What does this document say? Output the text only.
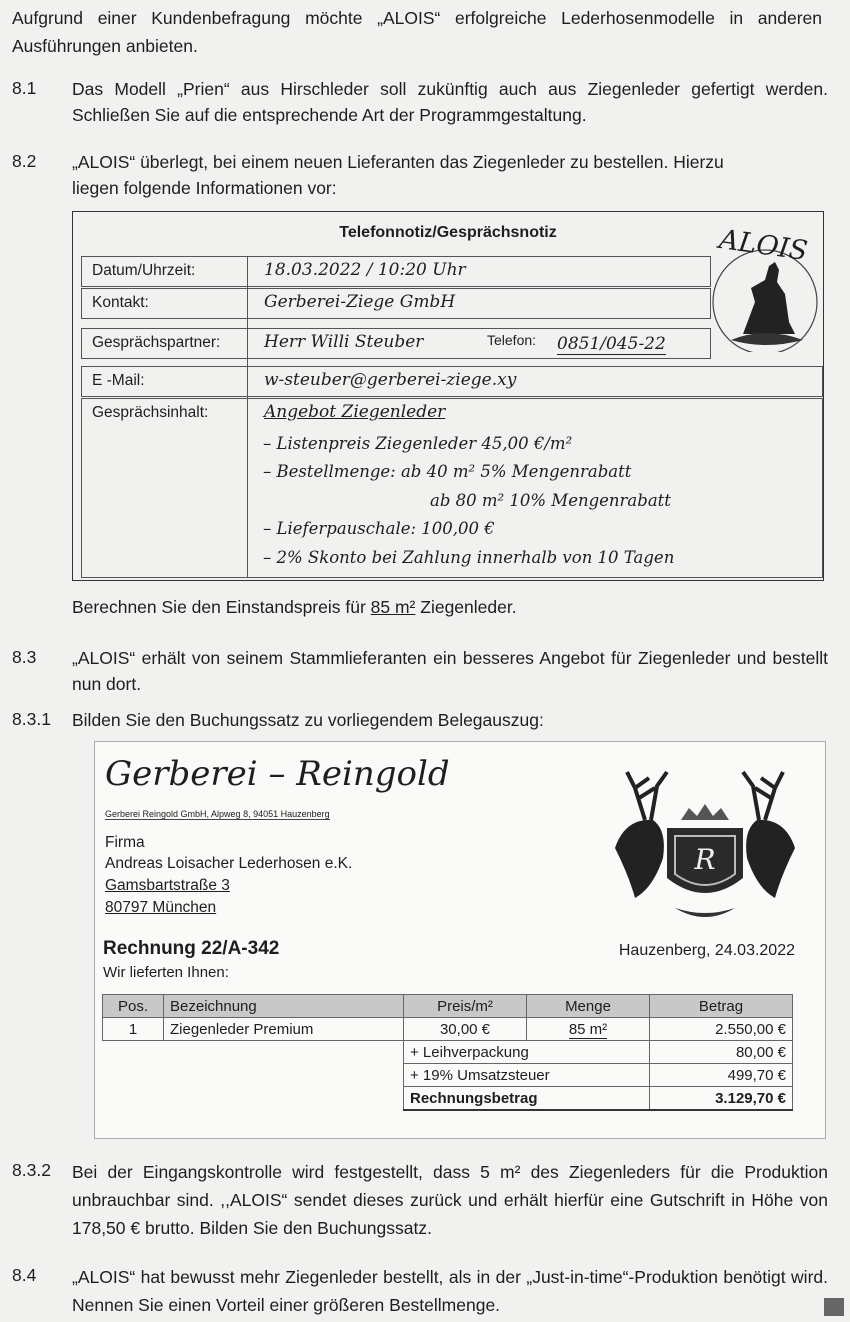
Aufgrund einer Kundenbefragung möchte „ALOIS“ erfolgreiche Lederhosenmodelle in anderen Ausführungen anbieten.
8.1 Das Modell „Prien“ aus Hirschleder soll zukünftig auch aus Ziegenleder gefertigt werden. Schließen Sie auf die entsprechende Art der Programmgestaltung.
8.2 „ALOIS“ überlegt, bei einem neuen Lieferanten das Ziegenleder zu bestellen. Hierzu liegen folgende Informationen vor:
Telefonnotiz/Gesprächsnotiz
Datum/Uhrzeit:	18.03.2022 / 10:20 Uhr
Kontakt:	Gerberei-Ziege GmbH
Gesprächspartner:	Herr Willi Steuber	Telefon: 0851/045-22
E -Mail:	w-steuber@gerberei-ziege.xy
Gesprächsinhalt:	Angebot Ziegenleder
– Listenpreis Ziegenleder 45,00 €/m²
– Bestellmenge: ab 40 m² 5% Mengenrabatt
ab 80 m² 10% Mengenrabatt
– Lieferpauschale: 100,00 €
– 2% Skonto bei Zahlung innerhalb von 10 Tagen
ALOIS
Berechnen Sie den Einstandspreis für 85 m² Ziegenleder.
8.3 „ALOIS“ erhält von seinem Stammlieferanten ein besseres Angebot für Ziegenleder und bestellt nun dort.
8.3.1 Bilden Sie den Buchungssatz zu vorliegendem Belegauszug:
Gerberei – Reingold
Gerberei Reingold GmbH, Alpweg 8, 94051 Hauzenberg
Firma
Andreas Loisacher Lederhosen e.K.
Gamsbartstraße 3
80797 München
R
Rechnung 22/A-342	Hauzenberg, 24.03.2022
Wir lieferten Ihnen:
Pos.	Bezeichnung	Preis/m²	Menge	Betrag
1	Ziegenleder Premium	30,00 €	85 m²	2.550,00 €
		+ Leihverpackung		80,00 €
		+ 19% Umsatzsteuer		499,70 €
		Rechnungsbetrag		3.129,70 €
8.3.2 Bei der Eingangskontrolle wird festgestellt, dass 5 m² des Ziegenleders für die Produktion unbrauchbar sind. ,,ALOIS“ sendet dieses zurück und erhält hierfür eine Gutschrift in Höhe von 178,50 € brutto. Bilden Sie den Buchungssatz.
8.4 „ALOIS“ hat bewusst mehr Ziegenleder bestellt, als in der „Just-in-time“-Produktion benötigt wird. Nennen Sie einen Vorteil einer größeren Bestellmenge.
